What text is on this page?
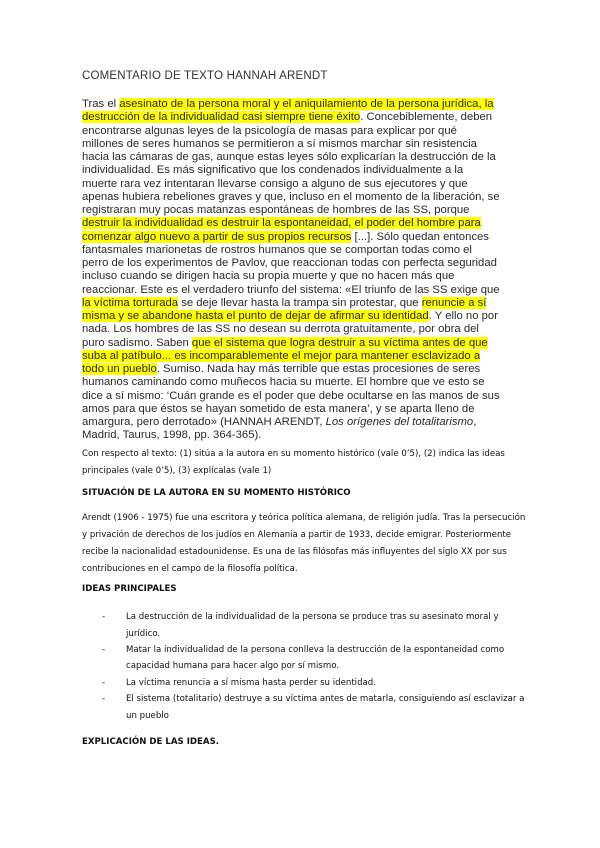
COMENTARIO DE TEXTO HANNAH ARENDT
Tras el asesinato de la persona moral y el aniquilamiento de la persona jurídica, la
destrucción de la individualidad casi siempre tiene éxito. Concebiblemente, deben
encontrarse algunas leyes de la psicología de masas para explicar por qué
millones de seres humanos se permitieron a sí mismos marchar sin resistencia
hacia las cámaras de gas, aunque estas leyes sólo explicarían la destrucción de la
individualidad. Es más significativo que los condenados individualmente a la
muerte rara vez intentaran llevarse consigo a alguno de sus ejecutores y que
apenas hubiera rebeliones graves y que, incluso en el momento de la liberación, se
registraran muy pocas matanzas espontáneas de hombres de las SS, porque
destruir la individualidad es destruir la espontaneidad, el poder del hombre para
comenzar algo nuevo a partir de sus propios recursos [...]. Sólo quedan entonces
fantasmales marionetas de rostros humanos que se comportan todas como el
perro de los experimentos de Pavlov, que reaccionan todas con perfecta seguridad
incluso cuando se dirigen hacia su propia muerte y que no hacen más que
reaccionar. Este es el verdadero triunfo del sistema: «El triunfo de las SS exige que
la víctima torturada se deje llevar hasta la trampa sin protestar, que renuncie a sí
misma y se abandone hasta el punto de dejar de afirmar su identidad. Y ello no por
nada. Los hombres de las SS no desean su derrota gratuitamente, por obra del
puro sadismo. Saben que el sistema que logra destruir a su víctima antes de que
suba al patíbulo... es incomparablemente el mejor para mantener esclavizado a
todo un pueblo. Sumiso. Nada hay más terrible que estas procesiones de seres
humanos caminando como muñecos hacia su muerte. El hombre que ve esto se
dice a sí mismo: ‘Cuán grande es el poder que debe ocultarse en las manos de sus
amos para que éstos se hayan sometido de esta manera’, y se aparta lleno de
amargura, pero derrotado» (HANNAH ARENDT, Los orígenes del totalitarismo,
Madrid, Taurus, 1998, pp. 364-365).

Con respecto al texto: (1) sitúa a la autora en su momento histórico (vale 0’5), (2) indica las ideas principales (vale 0’5), (3) explícalas (vale 1)

SITUACIÓN DE LA AUTORA EN SU MOMENTO HISTÓRICO

Arendt (1906 - 1975) fue una escritora y teórica política alemana, de religión judía. Tras la persecución y privación de derechos de los judíos en Alemania a partir de 1933, decide emigrar. Posteriormente recibe la nacionalidad estadounidense. Es una de las filósofas más influyentes del siglo XX por sus contribuciones en el campo de la filosofía política.

IDEAS PRINCIPALES

- La destrucción de la individualidad de la persona se produce tras su asesinato moral y jurídico.
- Matar la individualidad de la persona conlleva la destrucción de la espontaneidad como capacidad humana para hacer algo por sí mismo.
- La víctima renuncia a sí misma hasta perder su identidad.
- El sistema (totalitario) destruye a su víctima antes de matarla, consiguiendo así esclavizar a un pueblo

EXPLICACIÓN DE LAS IDEAS.
